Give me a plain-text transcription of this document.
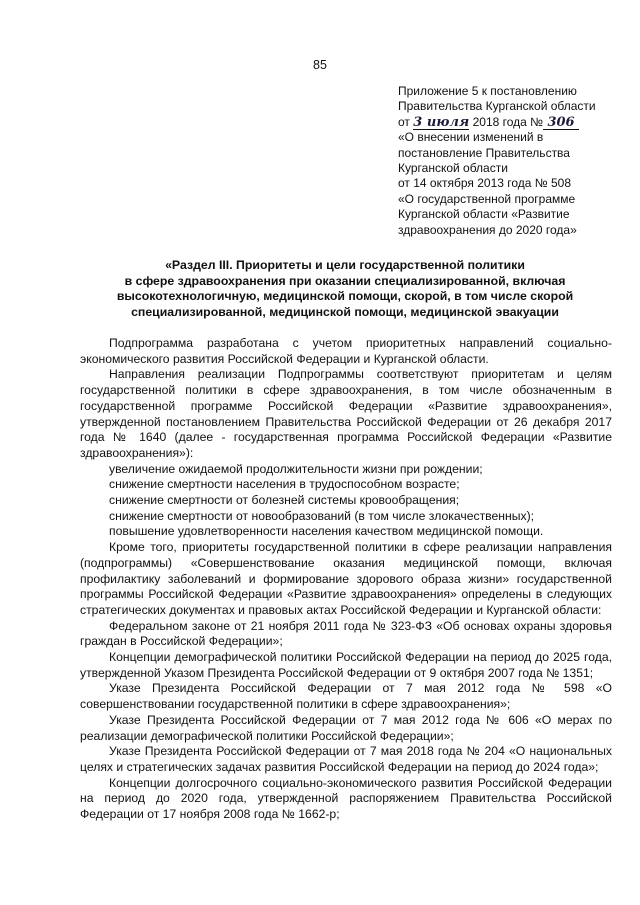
85
Приложение 5 к постановлению
Правительства Курганской области
от 3 июля 2018 года № 306
«О внесении изменений в
постановление Правительства
Курганской области
от 14 октября 2013 года № 508
«О государственной программе
Курганской области «Развитие
здравоохранения до 2020 года»

«Раздел III. Приоритеты и цели государственной политики

в сфере здравоохранения при оказании специализированной, включая

высокотехнологичную, медицинской помощи, скорой, в том числе скорой

специализированной, медицинской помощи, медицинской эвакуации

Подпрограмма разработана с учетом приоритетных направлений социально-экономического развития Российской Федерации и Курганской области.

Направления реализации Подпрограммы соответствуют приоритетам и целям государственной политики в сфере здравоохранения, в том числе обозначенным в государственной программе Российской Федерации «Развитие здравоохранения», утвержденной постановлением Правительства Российской Федерации от 26 декабря 2017 года № 1640 (далее - государственная программа Российской Федерации «Развитие здравоохранения»):

увеличение ожидаемой продолжительности жизни при рождении;

снижение смертности населения в трудоспособном возрасте;

снижение смертности от болезней системы кровообращения;

снижение смертности от новообразований (в том числе злокачественных);

повышение удовлетворенности населения качеством медицинской помощи.

Кроме того, приоритеты государственной политики в сфере реализации направления (подпрограммы) «Совершенствование оказания медицинской помощи, включая профилактику заболеваний и формирование здорового образа жизни» государственной программы Российской Федерации «Развитие здравоохранения» определены в следующих стратегических документах и правовых актах Российской Федерации и Курганской области:

Федеральном законе от 21 ноября 2011 года № 323-ФЗ «Об основах охраны здоровья граждан в Российской Федерации»;

Концепции демографической политики Российской Федерации на период до 2025 года, утвержденной Указом Президента Российской Федерации от 9 октября 2007 года № 1351;

Указе Президента Российской Федерации от 7 мая 2012 года № 598 «О совершенствовании государственной политики в сфере здравоохранения»;

Указе Президента Российской Федерации от 7 мая 2012 года № 606 «О мерах по реализации демографической политики Российской Федерации»;

Указе Президента Российской Федерации от 7 мая 2018 года № 204 «О национальных целях и стратегических задачах развития Российской Федерации на период до 2024 года»;

Концепции долгосрочного социально-экономического развития Российской Федерации на период до 2020 года, утвержденной распоряжением Правительства Российской Федерации от 17 ноября 2008 года № 1662-р;
